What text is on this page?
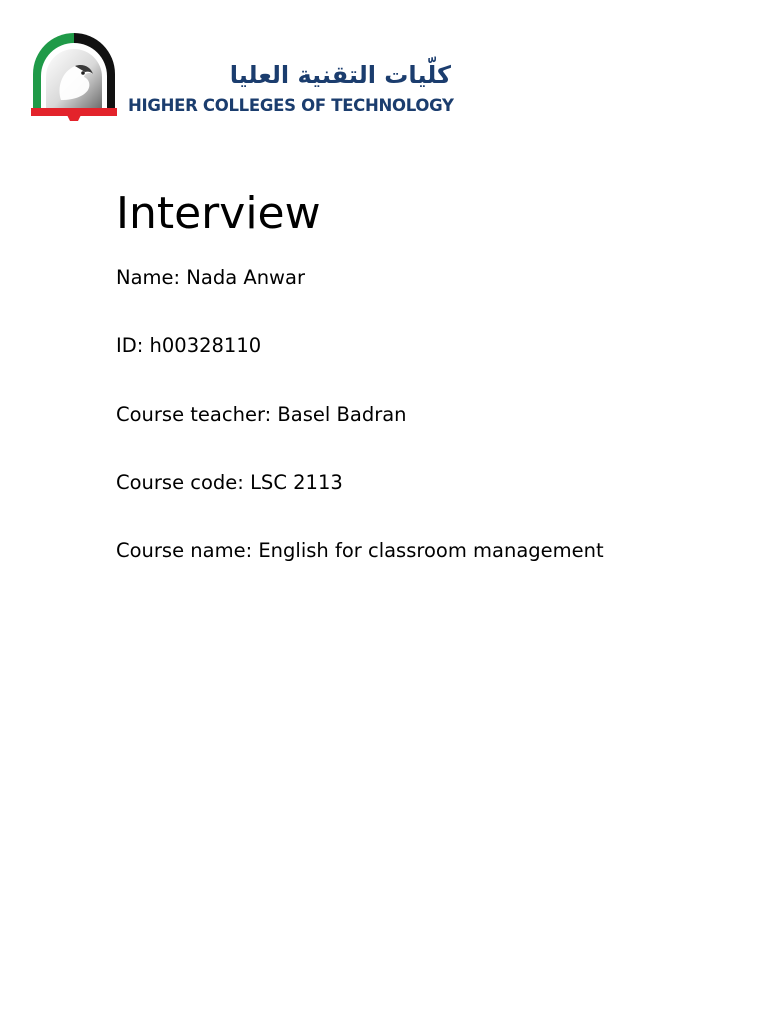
كلّيات التقنية العليا

HIGHER COLLEGES OF TECHNOLOGY

Interview
Name: Nada Anwar
ID: h00328110
Course teacher: Basel Badran
Course code: LSC 2113
Course name: English for classroom management
